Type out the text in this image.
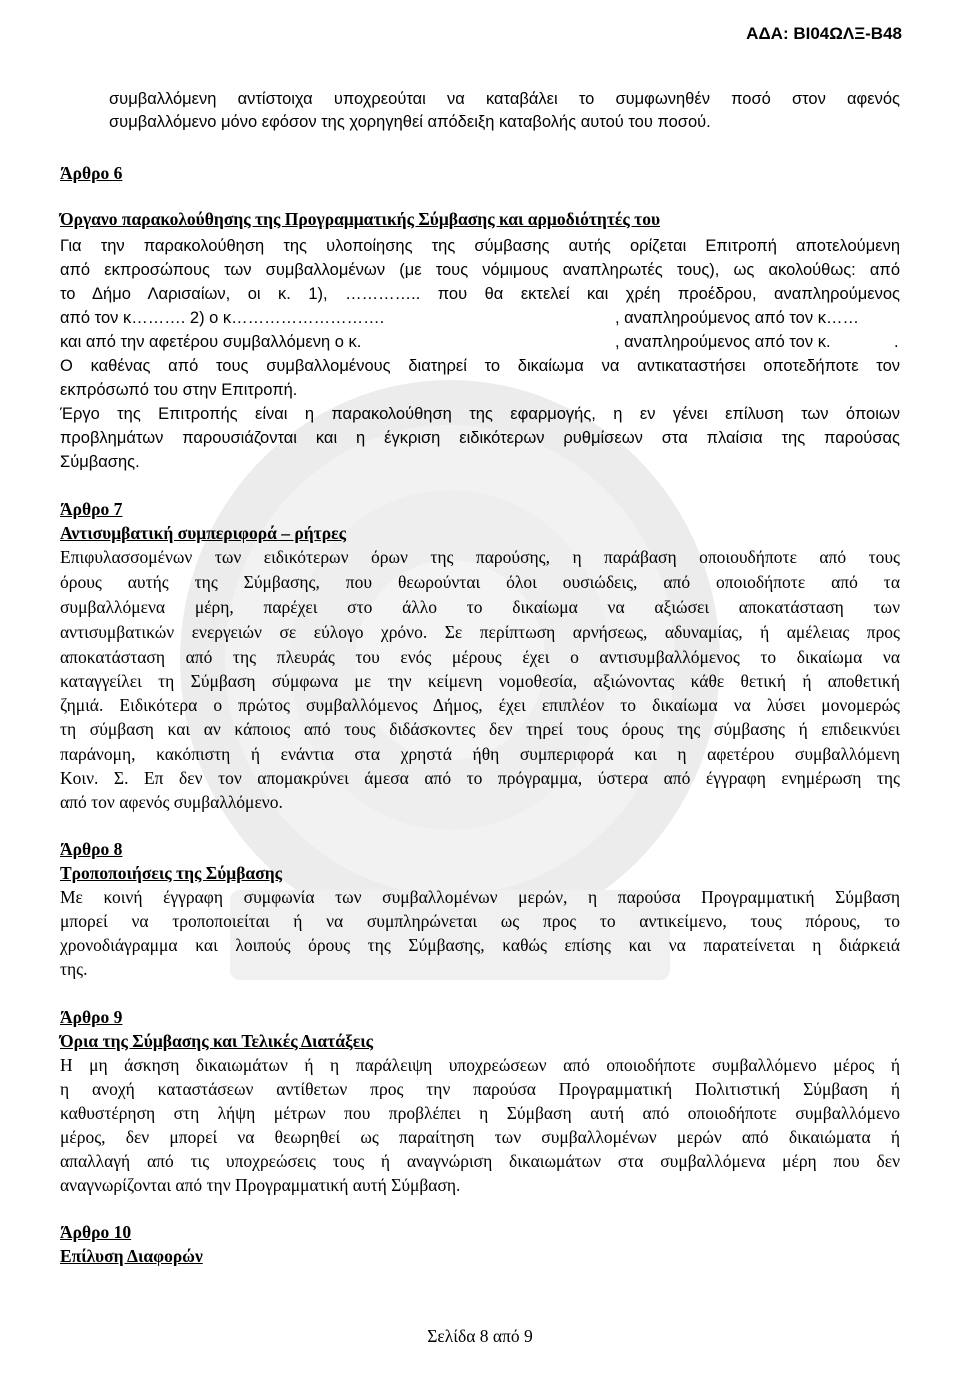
ΑΔΑ: ΒΙ04ΩΛΞ-Β48
συμβαλλόμενη αντίστοιχα υποχρεούται να καταβάλει το συμφωνηθέν ποσό στον αφενός
συμβαλλόμενο μόνο εφόσον της χορηγηθεί απόδειξη καταβολής αυτού του ποσού.
Άρθρο 6
Όργανο παρακολούθησης της Προγραμματικής Σύμβασης και αρμοδιότητές του
Για την παρακολούθηση της υλοποίησης της σύμβασης αυτής ορίζεται Επιτροπή αποτελούμενη
από εκπροσώπους των συμβαλλομένων (με τους νόμιμους αναπληρωτές τους), ως ακολούθως: από
το Δήμο Λαρισαίων, οι κ. 1), ………….. που θα εκτελεί και χρέη προέδρου, αναπληρούμενος
από τον κ………. 2) ο κ……………………….	, αναπληρούμενος από τον κ……
και από την αφετέρου συμβαλλόμενη ο κ.	, αναπληρούμενος από τον κ.	.
Ο καθένας από τους συμβαλλομένους διατηρεί το δικαίωμα να αντικαταστήσει οποτεδήποτε τον
εκπρόσωπό του στην Επιτροπή.
Έργο της Επιτροπής είναι η παρακολούθηση της εφαρμογής, η εν γένει επίλυση των όποιων
προβλημάτων παρουσιάζονται και η έγκριση ειδικότερων ρυθμίσεων στα πλαίσια της παρούσας
Σύμβασης.
Άρθρο 7
Αντισυμβατική συμπεριφορά – ρήτρες
Επιφυλασσομένων των ειδικότερων όρων της παρούσης, η παράβαση οποιουδήποτε από τους
όρους αυτής της Σύμβασης, που θεωρούνται όλοι ουσιώδεις, από οποιοδήποτε από τα
συμβαλλόμενα μέρη, παρέχει στο άλλο το δικαίωμα να αξιώσει αποκατάσταση των
αντισυμβατικών ενεργειών σε εύλογο χρόνο. Σε περίπτωση αρνήσεως, αδυναμίας, ή αμέλειας προς
αποκατάσταση από της πλευράς του ενός μέρους έχει ο αντισυμβαλλόμενος το δικαίωμα να
καταγγείλει τη Σύμβαση σύμφωνα με την κείμενη νομοθεσία, αξιώνοντας κάθε θετική ή αποθετική
ζημιά. Ειδικότερα ο πρώτος συμβαλλόμενος Δήμος, έχει επιπλέον το δικαίωμα να λύσει μονομερώς
τη σύμβαση και αν κάποιος από τους διδάσκοντες δεν τηρεί τους όρους της σύμβασης ή επιδεικνύει
παράνομη, κακόπιστη ή ενάντια στα χρηστά ήθη συμπεριφορά και η αφετέρου συμβαλλόμενη
Κοιν. Σ. Επ δεν τον απομακρύνει άμεσα από το πρόγραμμα, ύστερα από έγγραφη ενημέρωση της
από τον αφενός συμβαλλόμενο.
Άρθρο 8
Τροποποιήσεις της Σύμβασης
Με κοινή έγγραφη συμφωνία των συμβαλλομένων μερών, η παρούσα Προγραμματική Σύμβαση
μπορεί να τροποποιείται ή να συμπληρώνεται ως προς το αντικείμενο, τους πόρους, το
χρονοδιάγραμμα και λοιπούς όρους της Σύμβασης, καθώς επίσης και να παρατείνεται η διάρκειά
της.
Άρθρο 9
Όρια της Σύμβασης και Τελικές Διατάξεις
Η μη άσκηση δικαιωμάτων ή η παράλειψη υποχρεώσεων από οποιοδήποτε συμβαλλόμενο μέρος ή
η ανοχή καταστάσεων αντίθετων προς την παρούσα Προγραμματική Πολιτιστική Σύμβαση ή
καθυστέρηση στη λήψη μέτρων που προβλέπει η Σύμβαση αυτή από οποιοδήποτε συμβαλλόμενο
μέρος, δεν μπορεί να θεωρηθεί ως παραίτηση των συμβαλλομένων μερών από δικαιώματα ή
απαλλαγή από τις υποχρεώσεις τους ή αναγνώριση δικαιωμάτων στα συμβαλλόμενα μέρη που δεν
αναγνωρίζονται από την Προγραμματική αυτή Σύμβαση.
Άρθρο 10
Επίλυση Διαφορών
Σελίδα 8 από 9
